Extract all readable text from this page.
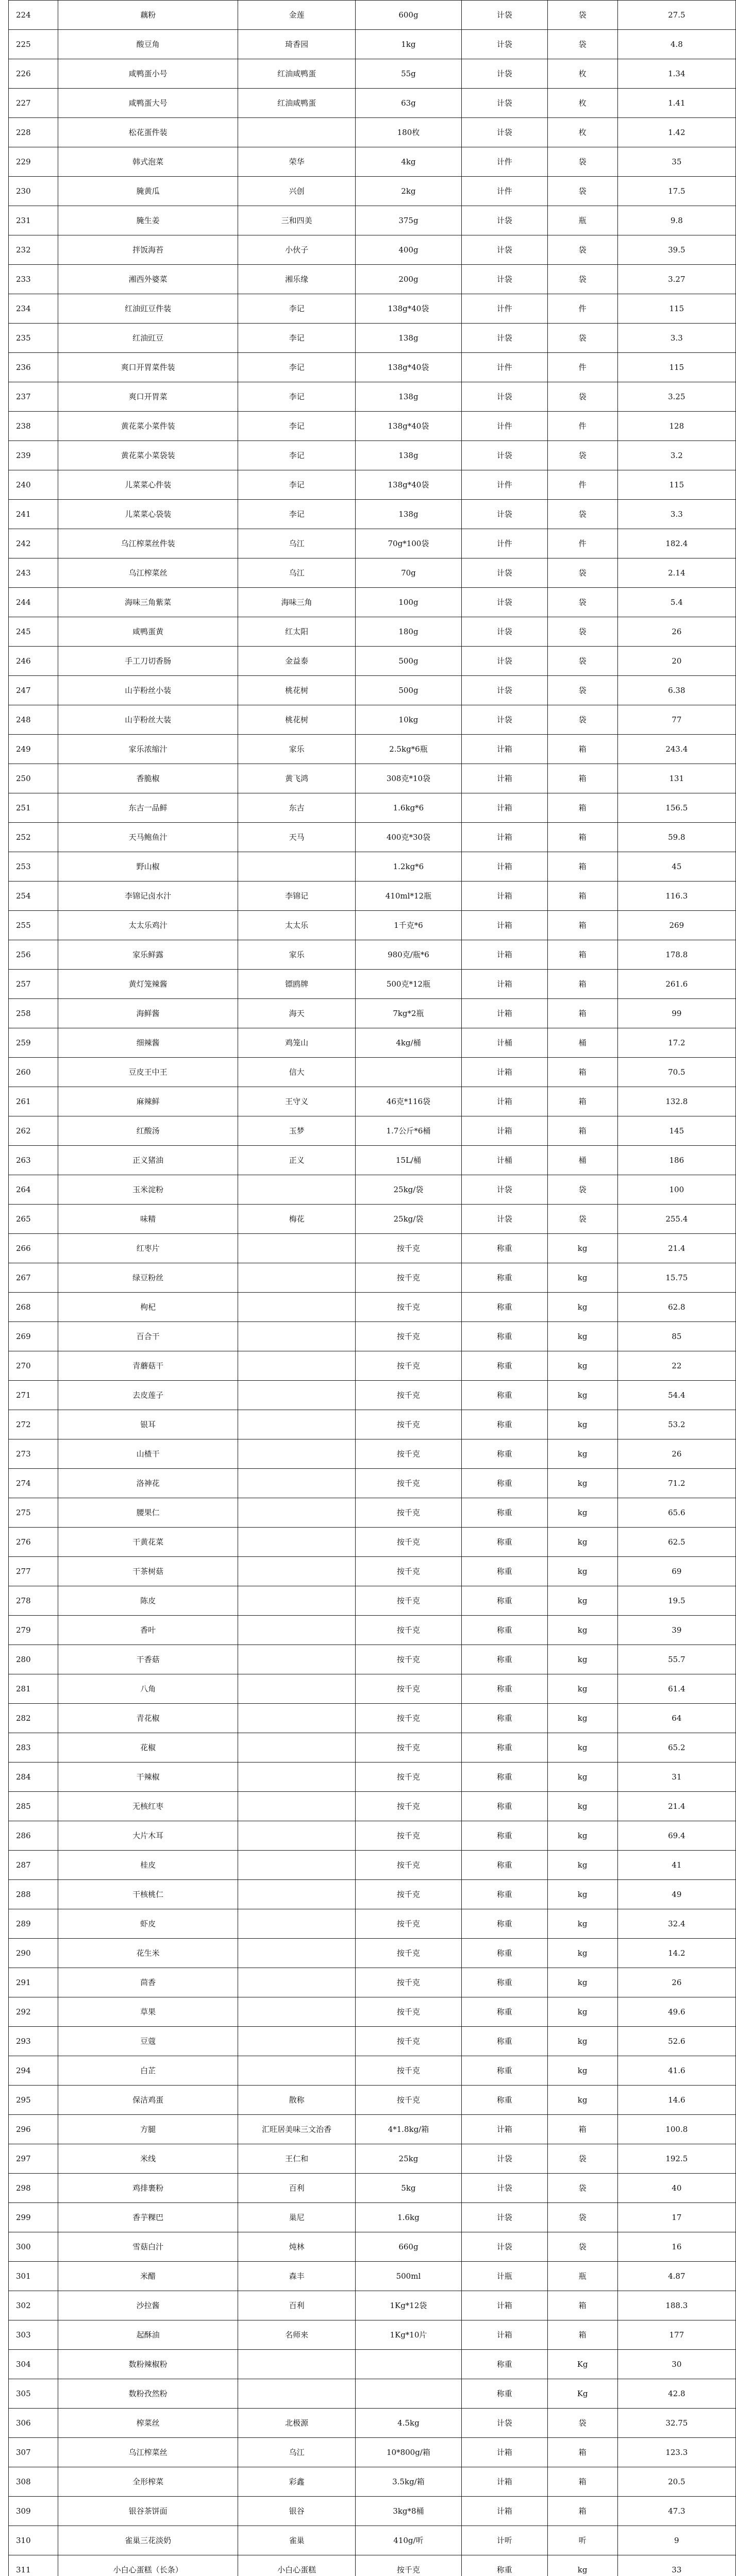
224	藕粉	金莲	600g	计袋	袋	27.5
225	酸豆角	琦香园	1kg	计袋	袋	4.8
226	咸鸭蛋小号	红油咸鸭蛋	55g	计袋	枚	1.34
227	咸鸭蛋大号	红油咸鸭蛋	63g	计袋	枚	1.41
228	松花蛋件装		180枚	计袋	枚	1.42
229	韩式泡菜	荣华	4kg	计件	袋	35
230	腌黄瓜	兴创	2kg	计件	袋	17.5
231	腌生姜	三和四美	375g	计袋	瓶	9.8
232	拌饭海苔	小伙子	400g	计袋	袋	39.5
233	湘西外婆菜	湘乐缘	200g	计袋	袋	3.27
234	红油豇豆件装	李记	138g*40袋	计件	件	115
235	红油豇豆	李记	138g	计袋	袋	3.3
236	爽口开胃菜件装	李记	138g*40袋	计件	件	115
237	爽口开胃菜	李记	138g	计袋	袋	3.25
238	黄花菜小菜件装	李记	138g*40袋	计件	件	128
239	黄花菜小菜袋装	李记	138g	计袋	袋	3.2
240	儿菜菜心件装	李记	138g*40袋	计件	件	115
241	儿菜菜心袋装	李记	138g	计袋	袋	3.3
242	乌江榨菜丝件装	乌江	70g*100袋	计件	件	182.4
243	乌江榨菜丝	乌江	70g	计袋	袋	2.14
244	海味三角紫菜	海味三角	100g	计袋	袋	5.4
245	咸鸭蛋黄	红太阳	180g	计袋	袋	26
246	手工刀切香肠	金益泰	500g	计袋	袋	20
247	山芋粉丝小装	桃花树	500g	计袋	袋	6.38
248	山芋粉丝大装	桃花树	10kg	计袋	袋	77
249	家乐浓缩汁	家乐	2.5kg*6瓶	计箱	箱	243.4
250	香脆椒	黄飞鸿	308克*10袋	计箱	箱	131
251	东古一品鲜	东古	1.6kg*6	计箱	箱	156.5
252	天马鲍鱼汁	天马	400克*30袋	计箱	箱	59.8
253	野山椒		1.2kg*6	计箱	箱	45
254	李锦记卤水汁	李锦记	410ml*12瓶	计箱	箱	116.3
255	太太乐鸡汁	太太乐	1千克*6	计箱	箱	269
256	家乐鲜露	家乐	980克/瓶*6	计箱	箱	178.8
257	黄灯笼辣酱	镖鸥牌	500克*12瓶	计箱	箱	261.6
258	海鲜酱	海天	7kg*2瓶	计箱	箱	99
259	细辣酱	鸡笼山	4kg/桶	计桶	桶	17.2
260	豆皮王中王	信大		计箱	箱	70.5
261	麻辣鲜	王守义	46克*116袋	计箱	箱	132.8
262	红酸汤	玉梦	1.7公斤*6桶	计箱	箱	145
263	正义猪油	正义	15L/桶	计桶	桶	186
264	玉米淀粉		25kg/袋	计袋	袋	100
265	味精	梅花	25kg/袋	计袋	袋	255.4
266	红枣片		按千克	称重	kg	21.4
267	绿豆粉丝		按千克	称重	kg	15.75
268	枸杞		按千克	称重	kg	62.8
269	百合干		按千克	称重	kg	85
270	青蘑菇干		按千克	称重	kg	22
271	去皮莲子		按千克	称重	kg	54.4
272	银耳		按千克	称重	kg	53.2
273	山楂干		按千克	称重	kg	26
274	洛神花		按千克	称重	kg	71.2
275	腰果仁		按千克	称重	kg	65.6
276	干黄花菜		按千克	称重	kg	62.5
277	干茶树菇		按千克	称重	kg	69
278	陈皮		按千克	称重	kg	19.5
279	香叶		按千克	称重	kg	39
280	干香菇		按千克	称重	kg	55.7
281	八角		按千克	称重	kg	61.4
282	青花椒		按千克	称重	kg	64
283	花椒		按千克	称重	kg	65.2
284	干辣椒		按千克	称重	kg	31
285	无核红枣		按千克	称重	kg	21.4
286	大片木耳		按千克	称重	kg	69.4
287	桂皮		按千克	称重	kg	41
288	干核桃仁		按千克	称重	kg	49
289	虾皮		按千克	称重	kg	32.4
290	花生米		按千克	称重	kg	14.2
291	茴香		按千克	称重	kg	26
292	草果		按千克	称重	kg	49.6
293	豆蔻		按千克	称重	kg	52.6
294	白芷		按千克	称重	kg	41.6
295	保洁鸡蛋	散称	按千克	称重	kg	14.6
296	方腿	汇旺居美味三文治香	4*1.8kg/箱	计箱	箱	100.8
297	米线	王仁和	25kg	计袋	袋	192.5
298	鸡排裹粉	百利	5kg	计袋	袋	40
299	香芋粿巴	巢尼	1.6kg	计袋	袋	17
300	雪菇白汁	炖林	660g	计袋	袋	16
301	米醋	森丰	500ml	计瓶	瓶	4.87
302	沙拉酱	百利	1Kg*12袋	计箱	箱	188.3
303	起酥油	名师来	1Kg*10片	计箱	箱	177
304	数粉辣椒粉			称重	Kg	30
305	数粉孜然粉			称重	Kg	42.8
306	榨菜丝	北极源	4.5kg	计袋	袋	32.75
307	乌江榨菜丝	乌江	10*800g/箱	计箱	箱	123.3
308	全形榨菜	彩鑫	3.5kg/箱	计箱	箱	20.5
309	银谷茶饼面	银谷	3kg*8桶	计箱	箱	47.3
310	雀巢三花淡奶	雀巢	410g/听	计听	听	9
311	小白心蛋糕（长条）	小白心蛋糕	按千克	称重	kg	33
